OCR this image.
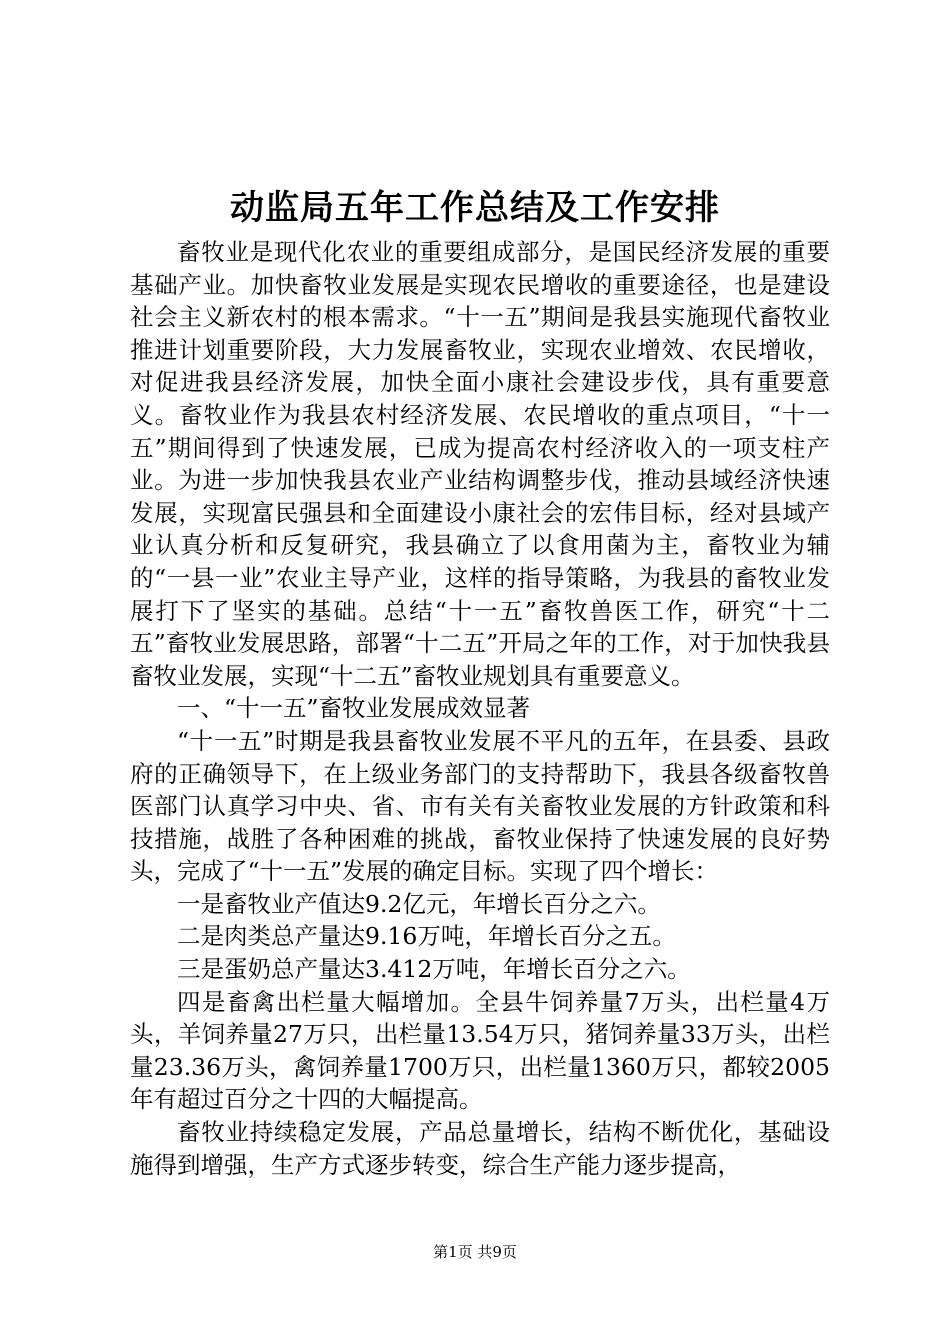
动监局五年工作总结及工作安排

畜牧业是现代化农业的重要组成部分，是国民经济发展的重要基础产业。加快畜牧业发展是实现农民增收的重要途径，也是建设社会主义新农村的根本需求。“十一五”期间是我县实施现代畜牧业推进计划重要阶段，大力发展畜牧业，实现农业增效、农民增收，对促进我县经济发展，加快全面小康社会建设步伐，具有重要意义。畜牧业作为我县农村经济发展、农民增收的重点项目，“十一五”期间得到了快速发展，已成为提高农村经济收入的一项支柱产业。为进一步加快我县农业产业结构调整步伐，推动县域经济快速发展，实现富民强县和全面建设小康社会的宏伟目标，经对县域产业认真分析和反复研究，我县确立了以食用菌为主，畜牧业为辅的“一县一业”农业主导产业，这样的指导策略，为我县的畜牧业发展打下了坚实的基础。总结“十一五”畜牧兽医工作，研究“十二五”畜牧业发展思路，部署“十二五”开局之年的工作，对于加快我县畜牧业发展，实现“十二五”畜牧业规划具有重要意义。

一、“十一五”畜牧业发展成效显著

“十一五”时期是我县畜牧业发展不平凡的五年，在县委、县政府的正确领导下，在上级业务部门的支持帮助下，我县各级畜牧兽医部门认真学习中央、省、市有关有关畜牧业发展的方针政策和科技措施，战胜了各种困难的挑战，畜牧业保持了快速发展的良好势头，完成了“十一五”发展的确定目标。实现了四个增长：

一是畜牧业产值达9.2亿元，年增长百分之六。

二是肉类总产量达9.16万吨，年增长百分之五。

三是蛋奶总产量达3.412万吨，年增长百分之六。

四是畜禽出栏量大幅增加。全县牛饲养量7万头，出栏量4万头，羊饲养量27万只，出栏量13.54万只，猪饲养量33万头，出栏量23.36万头，禽饲养量1700万只，出栏量1360万只，都较2005年有超过百分之十四的大幅提高。

畜牧业持续稳定发展，产品总量增长，结构不断优化，基础设施得到增强，生产方式逐步转变，综合生产能力逐步提高，

第1页 共9页
